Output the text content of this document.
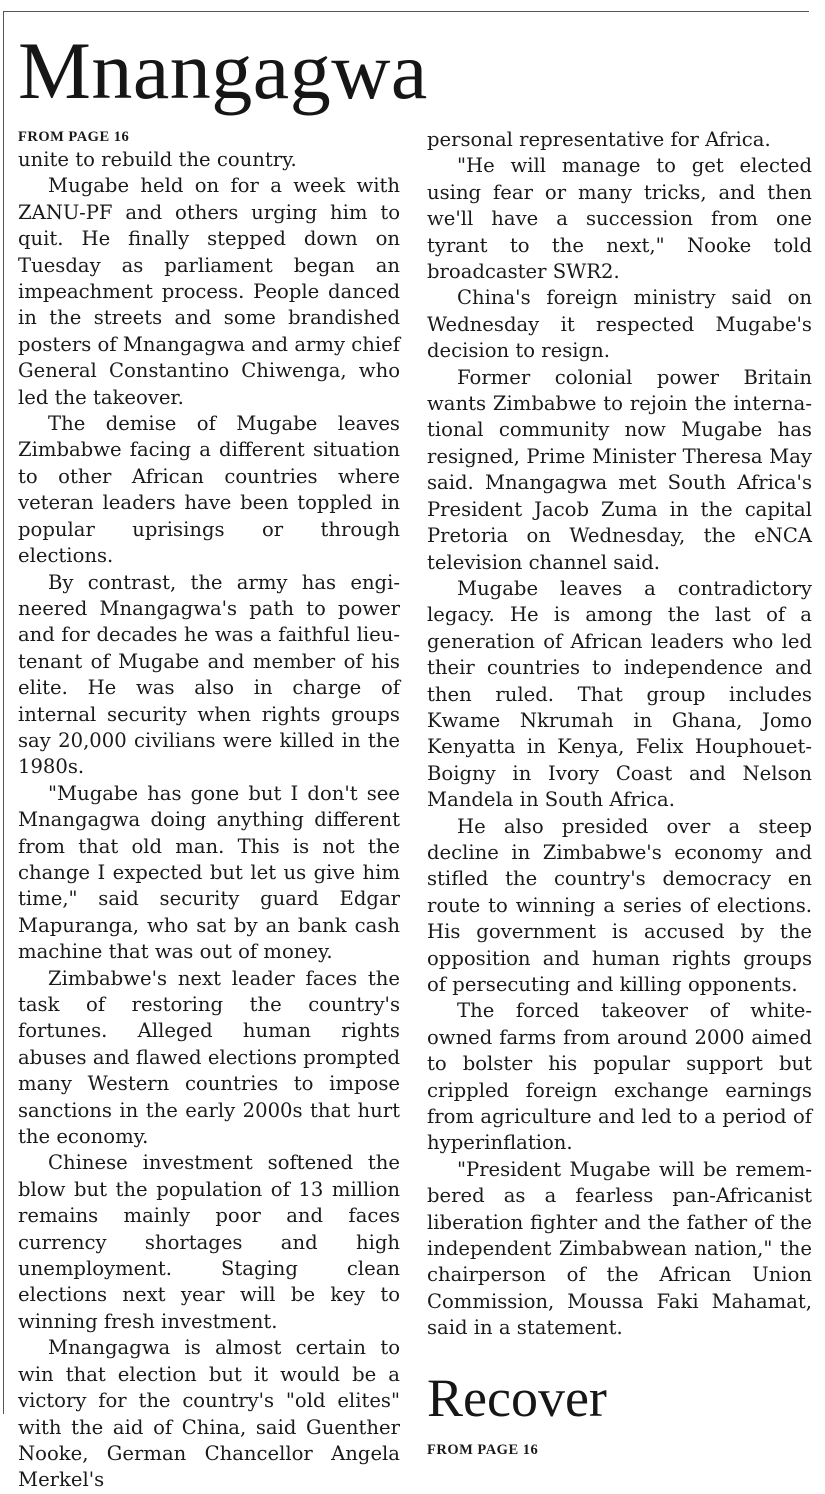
Mnangagwa
FROM PAGE 16

unite to rebuild the country.

Mugabe held on for a week with ZANU-PF and others urging him to quit. He finally stepped down on Tuesday as parliament began an impeachment process. People danced in the streets and some brandished posters of Mnangagwa and army chief General Constantino Chiwenga, who led the takeover.

The demise of Mugabe leaves Zimbabwe facing a different situation to other African countries where veteran leaders have been toppled in popular uprisings or through elections.

By contrast, the army has engineered Mnangagwa's path to power and for decades he was a faithful lieutenant of Mugabe and member of his elite. He was also in charge of internal security when rights groups say 20,000 civilians were killed in the 1980s.

"Mugabe has gone but I don't see Mnangagwa doing anything different from that old man. This is not the change I expected but let us give him time," said security guard Edgar Mapuranga, who sat by an bank cash machine that was out of money.

Zimbabwe's next leader faces the task of restoring the country's fortunes. Alleged human rights abuses and flawed elections prompted many Western countries to impose sanctions in the early 2000s that hurt the economy.

Chinese investment softened the blow but the population of 13 million remains mainly poor and faces currency shortages and high unemployment. Staging clean elections next year will be key to winning fresh investment.

Mnangagwa is almost certain to win that election but it would be a victory for the country's "old elites" with the aid of China, said Guenther Nooke, German Chancellor Angela Merkel's

personal representative for Africa.

"He will manage to get elected using fear or many tricks, and then we'll have a succession from one tyrant to the next," Nooke told broadcaster SWR2.

China's foreign ministry said on Wednesday it respected Mugabe's decision to resign.

Former colonial power Britain wants Zimbabwe to rejoin the international community now Mugabe has resigned, Prime Minister Theresa May said. Mnangagwa met South Africa's President Jacob Zuma in the capital Pretoria on Wednesday, the eNCA television channel said.

Mugabe leaves a contradictory legacy. He is among the last of a generation of African leaders who led their countries to independence and then ruled. That group includes Kwame Nkrumah in Ghana, Jomo Kenyatta in Kenya, Felix Houphouet-Boigny in Ivory Coast and Nelson Mandela in South Africa.

He also presided over a steep decline in Zimbabwe's economy and stifled the country's democracy en route to winning a series of elections. His government is accused by the opposition and human rights groups of persecuting and killing opponents.

The forced takeover of white-owned farms from around 2000 aimed to bolster his popular support but crippled foreign exchange earnings from agriculture and led to a period of hyperinflation.

"President Mugabe will be remembered as a fearless pan-Africanist liberation fighter and the father of the independent Zimbabwean nation," the chairperson of the African Union Commission, Moussa Faki Mahamat, said in a statement.

Recover
FROM PAGE 16
